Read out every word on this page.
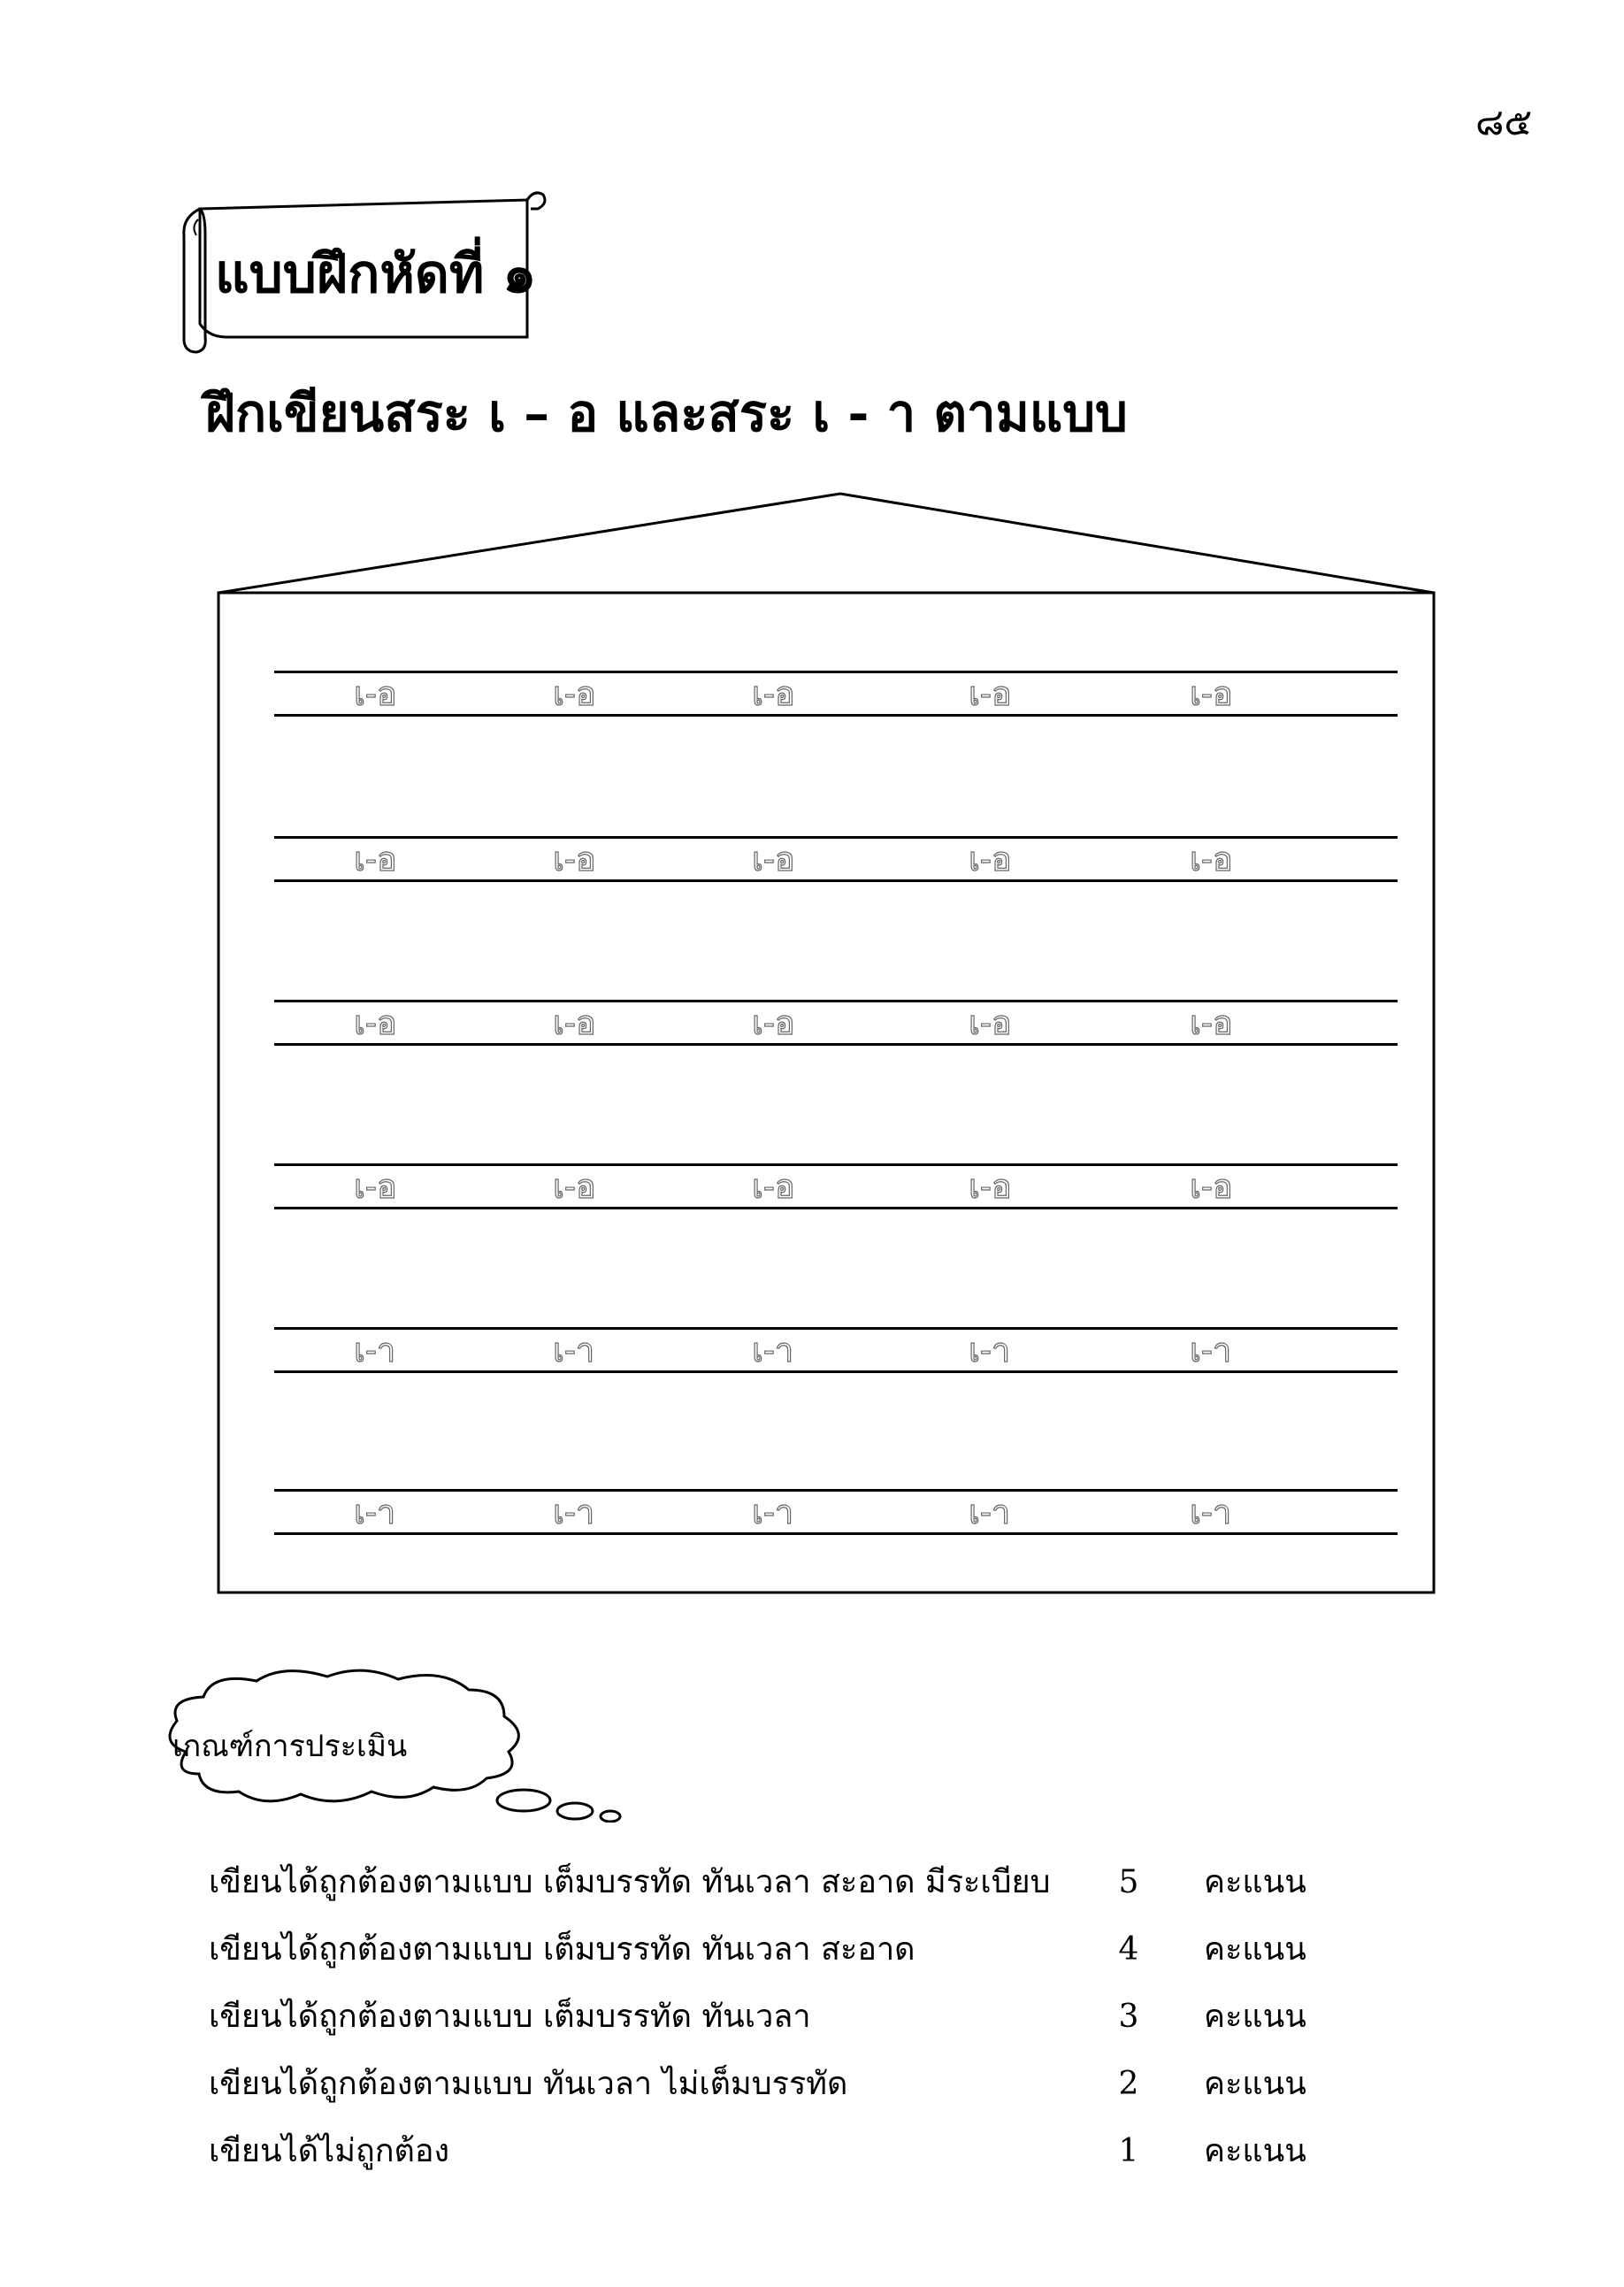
๘๕
แบบฝึกหัดที่ ๑
ฝึกเขียนสระ เ – อ และสระ เ - า ตามแบบ
เ-อ	เ-อ	เ-อ	เ-อ	เ-อ
เ-อ	เ-อ	เ-อ	เ-อ	เ-อ
เ-อ	เ-อ	เ-อ	เ-อ	เ-อ
เ-อ	เ-อ	เ-อ	เ-อ	เ-อ
เ-า	เ-า	เ-า	เ-า	เ-า
เ-า	เ-า	เ-า	เ-า	เ-า
เกณฑ์การประเมิน
เขียนได้ถูกต้องตามแบบ เต็มบรรทัด ทันเวลา สะอาด มีระเบียบ	5	คะแนน
เขียนได้ถูกต้องตามแบบ เต็มบรรทัด ทันเวลา สะอาด	4	คะแนน
เขียนได้ถูกต้องตามแบบ เต็มบรรทัด ทันเวลา	3	คะแนน
เขียนได้ถูกต้องตามแบบ ทันเวลา ไม่เต็มบรรทัด	2	คะแนน
เขียนได้ไม่ถูกต้อง	1	คะแนน
